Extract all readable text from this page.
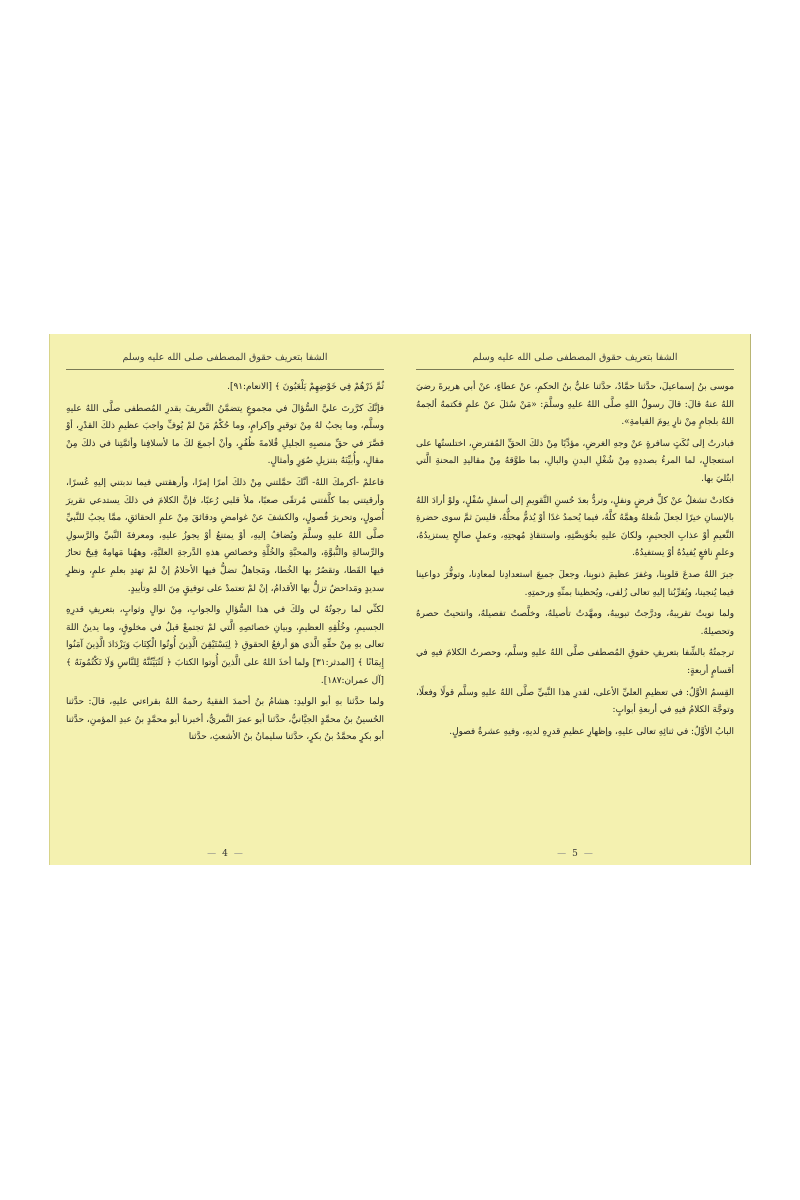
الشفا بتعريف حقوق المصطفى صلى الله عليه وسلم

ثُمَّ ذَرْهُمْ فِي خَوْضِهِمْ يَلْعَبُونَ ﴾ [الانعام:٩١].

فإنَّكَ كرَّرتَ عليَّ السُّؤالَ في مجموعٍ يتضمَّنُ التَّعريفَ بقدرِ المُصطفى صلَّى اللهُ عليهِ وسلَّم، وما يجبُ لهُ مِنْ توقيرٍ وإكرامٍ، وما حُكْمُ مَنْ لمْ يُوفِّ واجبَ عظيمِ ذلكَ القدْرِ، أوْ قصَّرَ في حقِّ منصبِهِ الجليلِ قُلامةَ ظُفُرٍ، وأنْ أجمعَ لكَ ما لأسلافِنا وأئمَّتِنا في ذلكَ مِنْ مقالٍ، وأُبيِّنَهُ بتنزيلِ صُوَرٍ وأمثالٍ.

فاعلمْ -أكرمكَ اللهُ- أنَّكَ حمَّلتني مِنْ ذلكَ أمرًا إمرًا، وأرهقتني فيما ندبتني إليهِ عُسرًا، وأرقيتني بما كلَّفتني مُرتقًى صعبًا، ملأ قلبي رُعبًا، فإنَّ الكلامَ في ذلكَ يستدعي تقريرَ أُصولٍ، وتحريرَ فُصولٍ، والكشفَ عنْ غوامضِ ودقائقَ مِنْ علمِ الحقائقِ، ممَّا يجبُ للنَّبيِّ صلَّى اللهُ عليهِ وسلَّمَ ويُضافُ إليهِ، أوْ يمتنعُ أوْ يجوزُ عليهِ، ومعرفةَ النَّبيِّ والرَّسولِ والرِّسالةِ والنُّبوَّةِ، والمحبَّةِ والخُلَّةِ وخصائصِ هذهِ الدَّرجةِ العليَّةِ، وههُنا مَهامِهُ فِيحٌ تحارُ فيها القَطا، وتقصُرُ بها الخُطا، ومَجاهلُ تضلُّ فيها الأحلامُ إنْ لمْ تهتدِ بعلمِ علمٍ، ونظرٍ سديدٍ ومَداحضُ تزلُّ بها الأقدامُ، إنْ لمْ تعتمدْ على توفيقٍ مِنَ اللهِ وتأييدٍ.

لكنِّي لما رجوتُهُ لي ولكَ في هذا السُّؤالِ والجوابِ، مِنْ نوالٍ وثوابٍ، بتعريفِ قدرِهِ الجسيمِ، وخُلُقِهِ العظيمِ، وبيانِ خصائصِهِ الَّتي لمْ تجتمعْ قبلُ في مخلوقٍ، وما يدينُ اللهَ تعالى بهِ مِنْ حقِّهِ الَّذي هوَ أرفعُ الحقوقِ ﴿ لِيَسْتَيْقِنَ الَّذِينَ أُوتُوا الْكِتَابَ وَيَزْدَادَ الَّذِينَ آمَنُوا إِيمَانًا ﴾ [المدثر:٣١] ولما أخذَ اللهُ على الَّذينَ أُوتوا الكتابَ ﴿ لَتُبَيِّنُنَّهُ لِلنَّاسِ وَلَا تَكْتُمُونَهُ ﴾ [آل عمران:١٨٧].

ولما حدَّثنا بهِ أبو الوليدِ: هشامُ بنُ أحمدَ الفقيهُ رحمهُ اللهُ بقراءتي عليهِ، قالَ: حدَّثنا الحُسينُ بنُ محمَّدٍ الجيَّانيُّ، حدَّثنا أبو عمرَ النَّمريُّ، أخبرنا أبو محمَّدٍ بنُ عبدِ المؤمنِ، حدَّثنا أبو بكرٍ محمَّدُ بنُ بكرٍ، حدَّثنا سليمانُ بنُ الأشعثِ، حدَّثنا

— 4 —
الشفا بتعريف حقوق المصطفى صلى الله عليه وسلم

موسى بنُ إسماعيلَ، حدَّثنا حمَّادٌ، حدَّثنا عليُّ بنُ الحكمِ، عنْ عطاءٍ، عنْ أبي هريرةَ رضيَ اللهُ عنهُ قالَ: قالَ رسولُ اللهِ صلَّى اللهُ عليهِ وسلَّمَ: «مَنْ سُئلَ عنْ علمٍ فكتمهُ ألجمهُ اللهُ بلجامٍ مِنْ نارٍ يومَ القيامةِ».

فبادرتُ إلى نُكَتٍ سافرةٍ عنْ وجهِ الغرضِ، مؤدِّيًا مِنْ ذلكَ الحقِّ المُفترضِ، اختلستُها على استعجالٍ، لما المرءُ بصددِهِ مِنْ شُغْلِ البدنِ والبالِ، بما طوَّقهُ مِنْ مقاليدِ المحنةِ الَّتي ابتُليَ بها.

فكادتْ تشغلُ عنْ كلِّ فرضٍ ونفلٍ، وتردُّ بعدَ حُسنِ التَّقويمِ إلى أسفلِ سُفْلٍ، ولوْ أرادَ اللهُ بالإنسانِ خيرًا لجعلَ شُغلهُ وهمَّهُ كلَّهُ، فيما يُحمدُ غدًا أوْ يُذمُّ محلُّهُ، فليسَ ثمَّ سوى حضرةِ النَّعيمِ أوْ عذابِ الجحيمِ، ولكانَ عليهِ بخُوَيصَّتِهِ، واستنقاذِ مُهجتِهِ، وعملٍ صالحٍ يستزيدُهُ، وعلمٍ نافعٍ يُفيدُهُ أوْ يستفيدُهُ.

جبرَ اللهُ صدعَ قلوبِنا، وغفرَ عظيمَ ذنوبِنا، وجعلَ جميعَ استعدادِنا لمعادِنا، وتوفُّرَ دواعينا فيما يُنجينا، ويُقرِّبُنا إليهِ تعالى زُلفى، ويُحظينا بمنِّهِ ورحمتِهِ.

ولما نويتُ تقريبهُ، ودرَّجتُ تبويبهُ، ومهَّدتُ تأصيلهُ، وخلَّصتُ تفصيلهُ، وانتحيتُ حصرهُ وتحصيلهُ.

ترجمتُهُ بالشِّفا بتعريفِ حقوقِ المُصطفى صلَّى اللهُ عليهِ وسلَّم، وحصرتُ الكلامَ فيهِ في أقسامٍ أربعةٍ:

القِسمُ الأوَّلُ: في تعظيمِ العليِّ الأعلى، لقدرِ هذا النَّبيِّ صلَّى اللهُ عليهِ وسلَّم قولًا وفعلًا، وتوجَّهَ الكلامُ فيهِ في أربعةِ أبوابٍ:

البابُ الأوَّلُ: في ثنائِهِ تعالى عليهِ، وإظهارِ عظيمِ قدرِهِ لديهِ، وفيهِ عشرةُ فصولٍ.

— 5 —
